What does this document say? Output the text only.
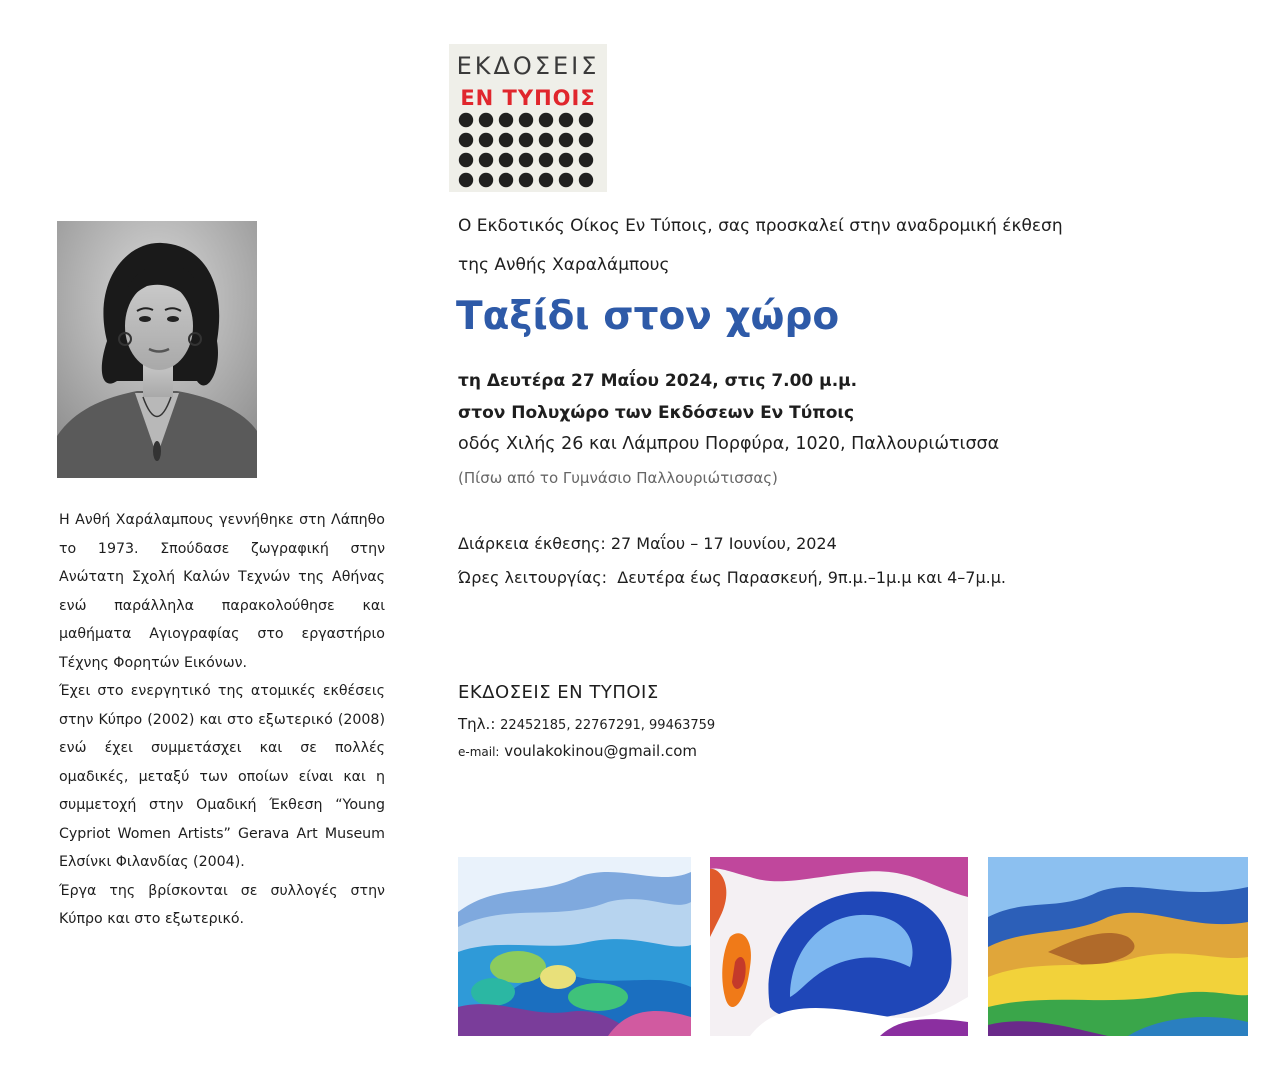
ΕΚΔΟΣΕΙΣ
ΕΝ ΤΥΠΟΙΣ

Η Ανθή Χαράλαμπους γεννήθηκε στη Λάπηθο το 1973. Σπούδασε ζωγραφική στην Ανώτατη Σχολή Καλών Τεχνών της Αθήνας ενώ παράλληλα παρακολούθησε και μαθήματα Αγιογραφίας στο εργαστήριο Τέχνης Φορητών Εικόνων.

Έχει στο ενεργητικό της ατομικές εκθέσεις στην Κύπρο (2002) και στο εξωτερικό (2008) ενώ έχει συμμετάσχει και σε πολλές ομαδικές, μεταξύ των οποίων είναι και η συμμετοχή στην Ομαδική Έκθεση “Young Cypriot Women Artists” Gerava Art Museum Ελσίνκι Φιλανδίας (2004).

Έργα της βρίσκονται σε συλλογές στην Κύπρο και στο εξωτερικό.

Ο Εκδοτικός Οίκος Εν Τύποις, σας προσκαλεί στην αναδρομική έκθεση
της Ανθής Χαραλάμπους
Ταξίδι στον χώρο
τη Δευτέρα 27 Μαΐου 2024, στις 7.00 μ.μ.
στον Πολυχώρο των Εκδόσεων Εν Τύποις
οδός Χιλής 26 και Λάμπρου Πορφύρα, 1020, Παλλουριώτισσα
(Πίσω από το Γυμνάσιο Παλλουριώτισσας)
Διάρκεια έκθεσης: 27 Μαΐου – 17 Ιουνίου, 2024
Ώρες λειτουργίας: Δευτέρα έως Παρασκευή, 9π.μ.–1μ.μ και 4–7μ.μ.
ΕΚΔΟΣΕΙΣ ΕΝ ΤΥΠΟΙΣ
Τηλ.: 22452185, 22767291, 99463759
e-mail: voulakokinou@gmail.com
